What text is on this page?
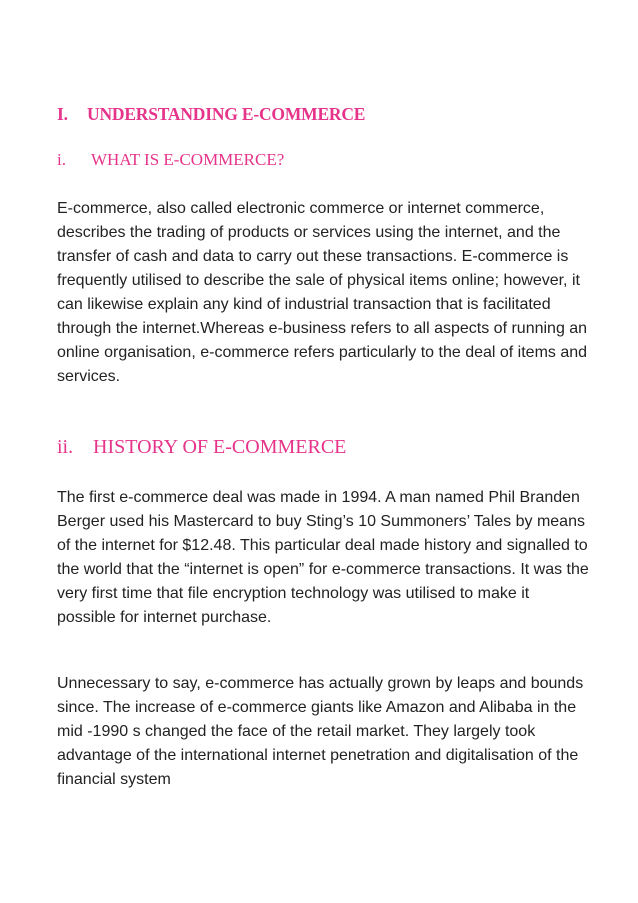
I. UNDERSTANDING E-COMMERCE
i. WHAT IS E-COMMERCE?

E-commerce, also called electronic commerce or internet commerce, describes the trading of products or services using the internet, and the transfer of cash and data to carry out these transactions. E-commerce is frequently utilised to describe the sale of physical items online; however, it can likewise explain any kind of industrial transaction that is facilitated through the internet.Whereas e-business refers to all aspects of running an online organisation, e-commerce refers particularly to the deal of items and services.

ii. HISTORY OF E-COMMERCE

The first e-commerce deal was made in 1994. A man named Phil Branden Berger used his Mastercard to buy Sting’s 10 Summoners’ Tales by means of the internet for $12.48. This particular deal made history and signalled to the world that the “internet is open” for e-commerce transactions. It was the very first time that file encryption technology was utilised to make it possible for internet purchase.

Unnecessary to say, e-commerce has actually grown by leaps and bounds since. The increase of e-commerce giants like Amazon and Alibaba in the mid -1990 s changed the face of the retail market. They largely took advantage of the international internet penetration and digitalisation of the financial system
